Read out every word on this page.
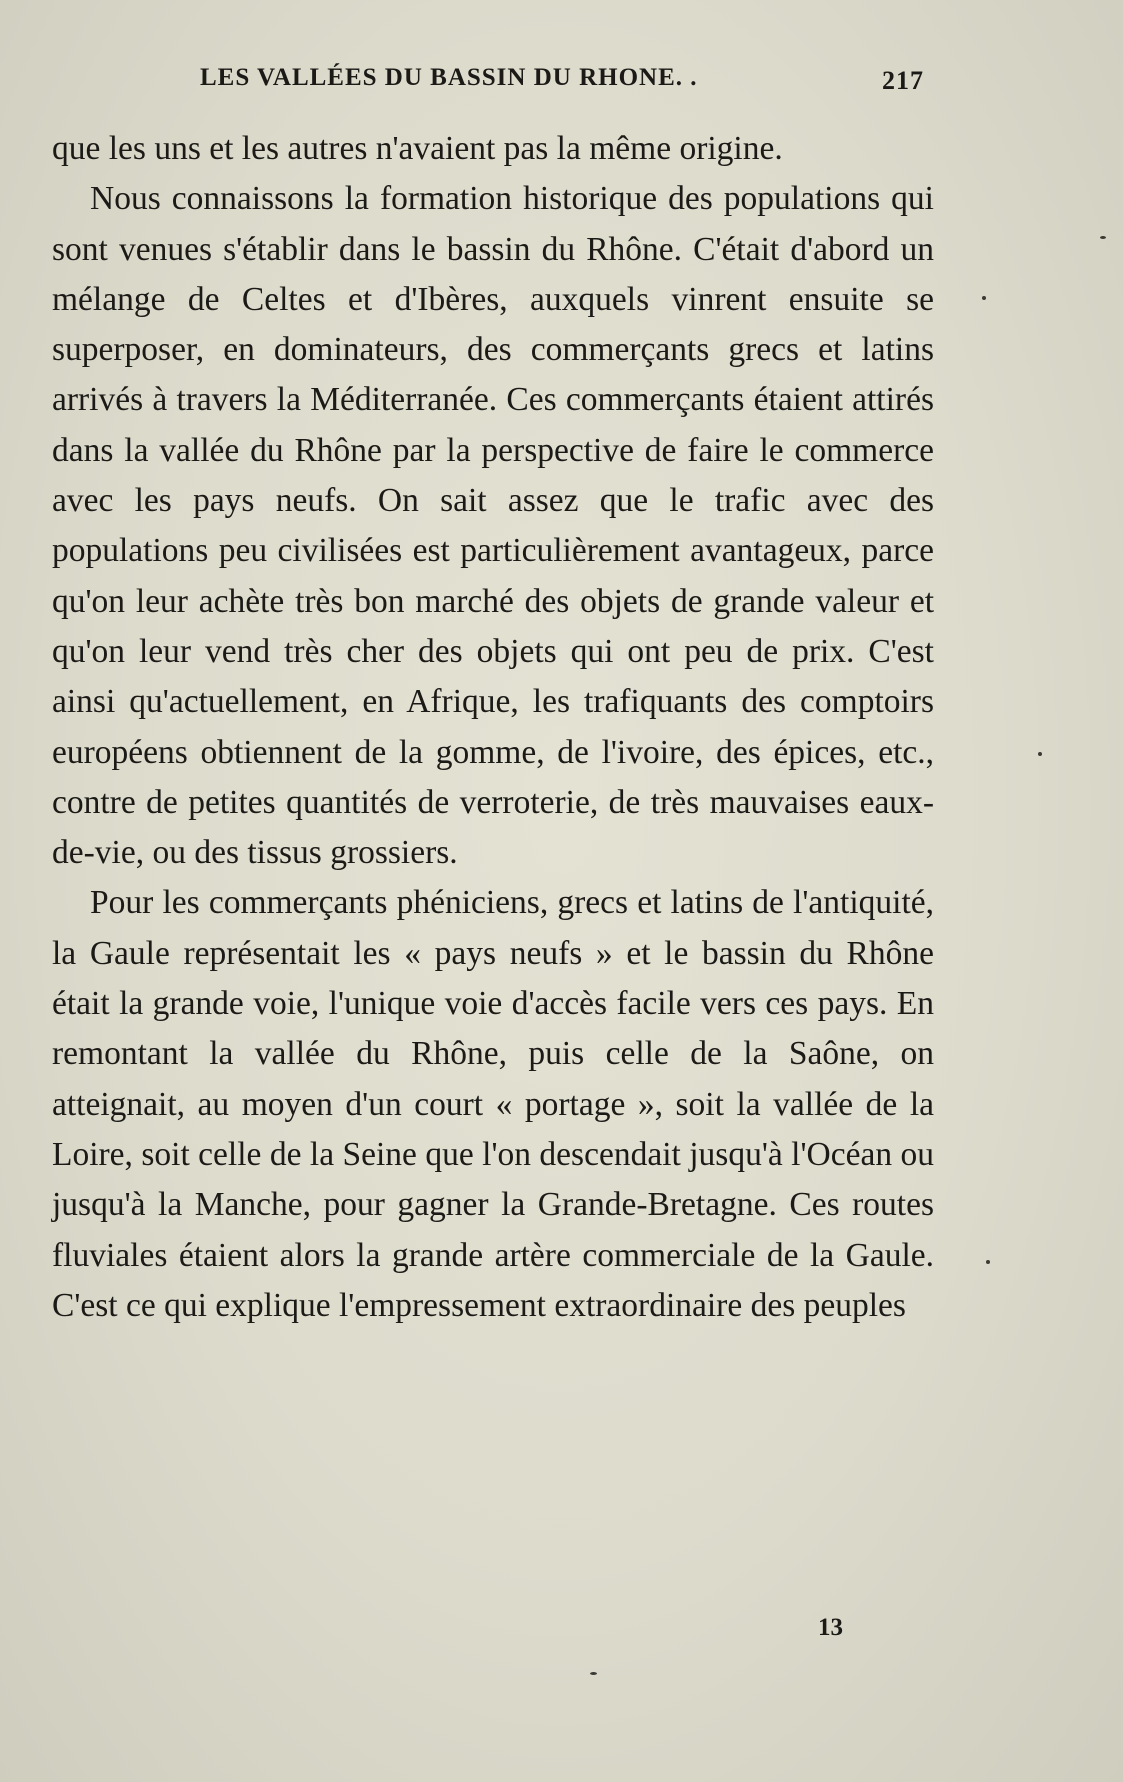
LES VALLÉES DU BASSIN DU RHONE. .	217

que les uns et les autres n'avaient pas la même origine.

Nous connaissons la formation historique des populations qui sont venues s'établir dans le bassin du Rhône. C'était d'abord un mélange de Celtes et d'Ibères, auxquels vinrent ensuite se superposer, en dominateurs, des commerçants grecs et latins arrivés à travers la Méditerranée. Ces commerçants étaient attirés dans la vallée du Rhône par la perspective de faire le commerce avec les pays neufs. On sait assez que le trafic avec des populations peu civilisées est particulièrement avantageux, parce qu'on leur achète très bon marché des objets de grande valeur et qu'on leur vend très cher des objets qui ont peu de prix. C'est ainsi qu'actuellement, en Afrique, les trafiquants des comptoirs européens obtiennent de la gomme, de l'ivoire, des épices, etc., contre de petites quantités de verroterie, de très mauvaises eaux-de-vie, ou des tissus grossiers.

Pour les commerçants phéniciens, grecs et latins de l'antiquité, la Gaule représentait les « pays neufs » et le bassin du Rhône était la grande voie, l'unique voie d'accès facile vers ces pays. En remontant la vallée du Rhône, puis celle de la Saône, on atteignait, au moyen d'un court « portage », soit la vallée de la Loire, soit celle de la Seine que l'on descendait jusqu'à l'Océan ou jusqu'à la Manche, pour gagner la Grande-Bretagne. Ces routes fluviales étaient alors la grande artère commerciale de la Gaule. C'est ce qui explique l'empressement extraordinaire des peuples

13
